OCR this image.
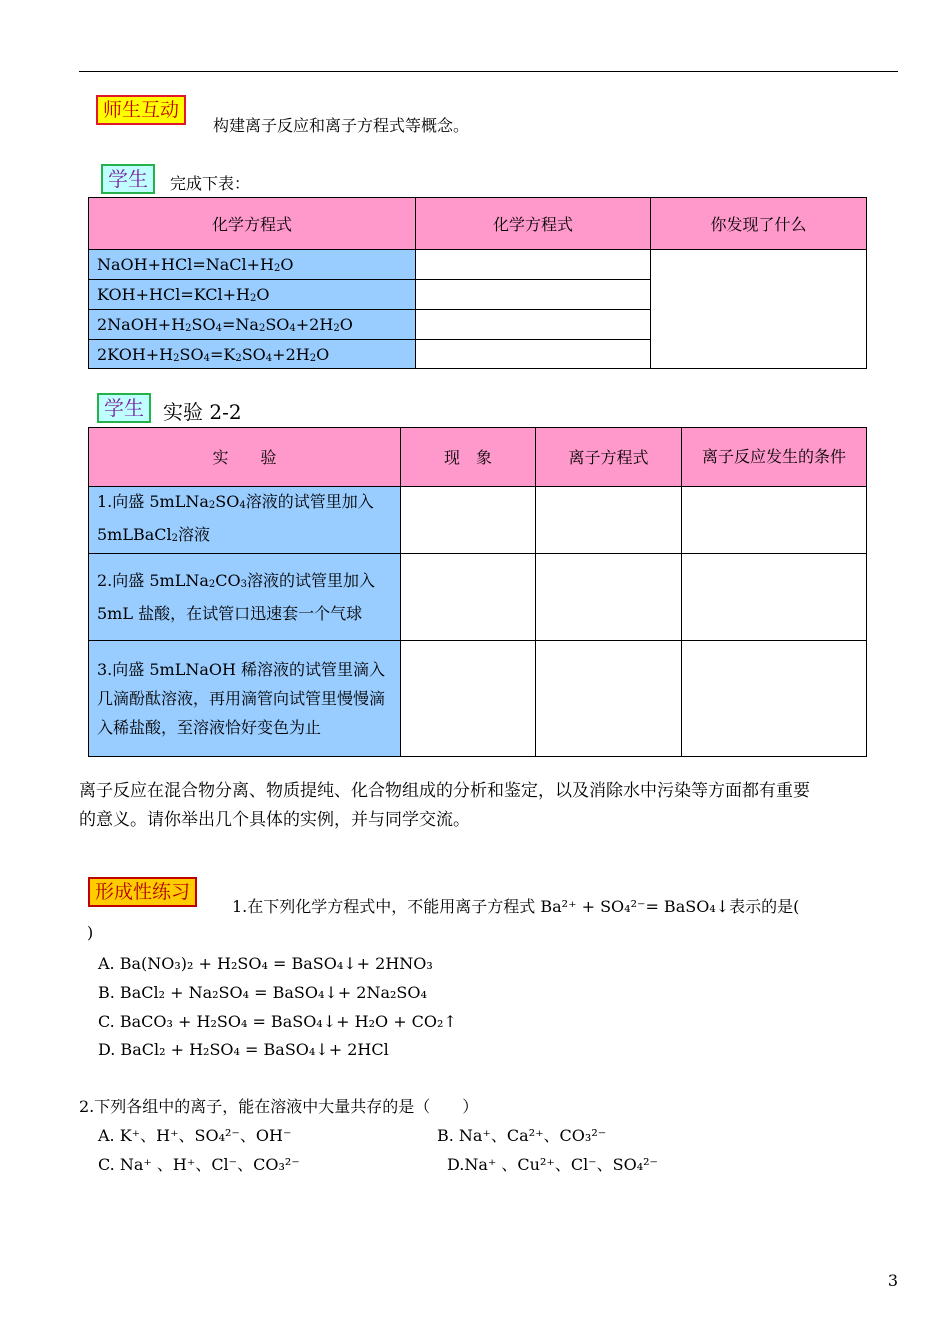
师生互动
构建离子反应和离子方程式等概念。
学生	完成下表：
化学方程式	化学方程式	你发现了什么
NaOH+HCl=NaCl+H2O		
KOH+HCl=KCl+H2O		
2NaOH+H2SO4=Na2SO4+2H2O		
2KOH+H2SO4=K2SO4+2H2O		
学生 实验 2-2
实　　验	现　象	离子方程式	离子反应发生的条件
1.向盛 5mLNa2SO4溶液的试管里加入 5mLBaCl2溶液			
2.向盛 5mLNa2CO3溶液的试管里加入 5mL 盐酸，在试管口迅速套一个气球			
3.向盛 5mLNaOH 稀溶液的试管里滴入几滴酚酞溶液，再用滴管向试管里慢慢滴入稀盐酸，至溶液恰好变色为止			
离子反应在混合物分离、物质提纯、化合物组成的分析和鉴定，以及消除水中污染等方面都有重要
的意义。请你举出几个具体的实例，并与同学交流。
形成性练习
1.在下列化学方程式中，不能用离子方程式 Ba²⁺ + SO₄²⁻= BaSO₄↓表示的是(
)
A. Ba(NO₃)₂ + H₂SO₄ = BaSO₄↓+ 2HNO₃
B. BaCl₂ + Na₂SO₄ = BaSO₄↓+ 2Na₂SO₄
C. BaCO₃ + H₂SO₄ = BaSO₄↓+ H₂O + CO₂↑
D. BaCl₂ + H₂SO₄ = BaSO₄↓+ 2HCl
2.下列各组中的离子，能在溶液中大量共存的是（　　）
A. K⁺、H⁺、SO₄²⁻、OH⁻	B. Na⁺、Ca²⁺、CO₃²⁻
C. Na⁺ 、H⁺、Cl⁻、CO₃²⁻	D.Na⁺ 、Cu²⁺、Cl⁻、SO₄²⁻
3
